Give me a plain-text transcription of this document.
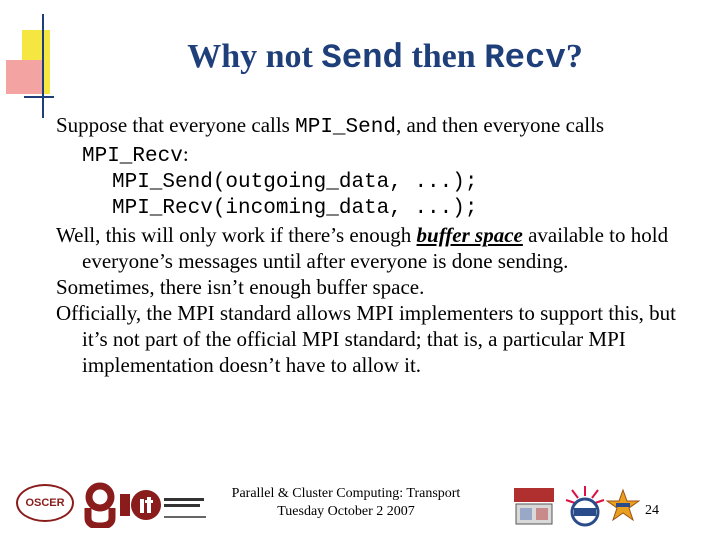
Why not Send then Recv?

Suppose that everyone calls MPI_Send, and then everyone calls MPI_Recv:

MPI_Send(outgoing_data, ...);

MPI_Recv(incoming_data, ...);

Well, this will only work if there’s enough buffer space available to hold everyone’s messages until after everyone is done sending.

Sometimes, there isn’t enough buffer space.

Officially, the MPI standard allows MPI implementers to support this, but it’s not part of the official MPI standard; that is, a particular MPI implementation doesn’t have to allow it.

OSCER
Parallel & Cluster Computing: Transport
Tuesday October 2 2007	24
